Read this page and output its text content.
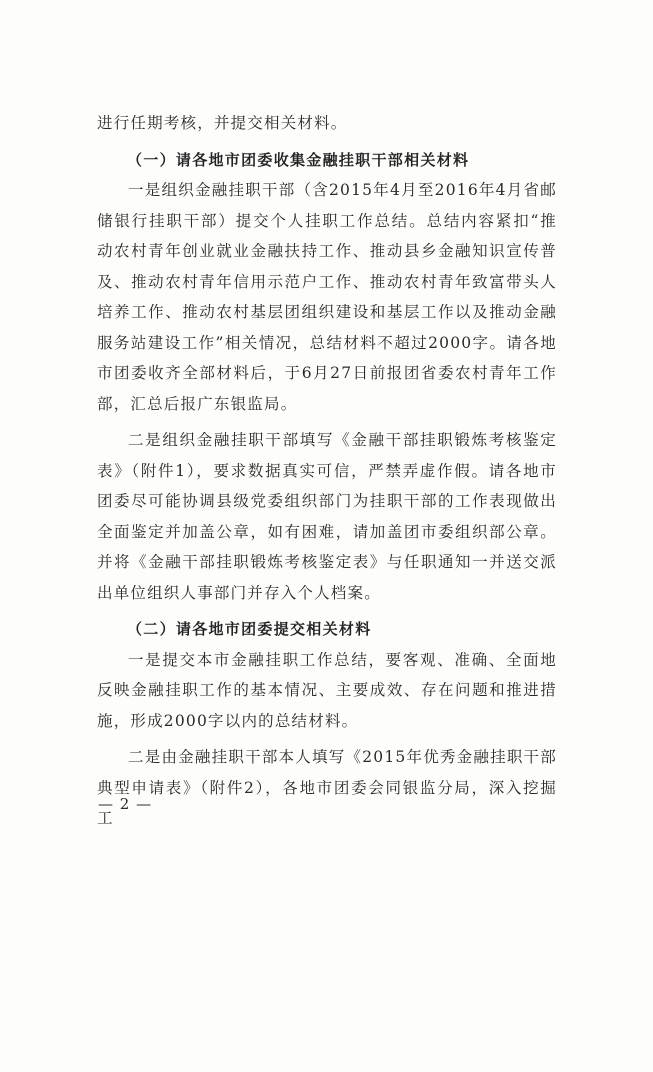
进行任期考核，并提交相关材料。

（一）请各地市团委收集金融挂职干部相关材料

一是组织金融挂职干部（含2015年4月至2016年4月省邮储银行挂职干部）提交个人挂职工作总结。总结内容紧扣“推动农村青年创业就业金融扶持工作、推动县乡金融知识宣传普及、推动农村青年信用示范户工作、推动农村青年致富带头人培养工作、推动农村基层团组织建设和基层工作以及推动金融服务站建设工作”相关情况，总结材料不超过2000字。请各地市团委收齐全部材料后，于6月27日前报团省委农村青年工作部，汇总后报广东银监局。

二是组织金融挂职干部填写《金融干部挂职锻炼考核鉴定表》（附件1），要求数据真实可信，严禁弄虚作假。请各地市团委尽可能协调县级党委组织部门为挂职干部的工作表现做出全面鉴定并加盖公章，如有困难，请加盖团市委组织部公章。并将《金融干部挂职锻炼考核鉴定表》与任职通知一并送交派出单位组织人事部门并存入个人档案。

（二）请各地市团委提交相关材料

一是提交本市金融挂职工作总结，要客观、准确、全面地反映金融挂职工作的基本情况、主要成效、存在问题和推进措施，形成2000字以内的总结材料。

二是由金融挂职干部本人填写《2015年优秀金融挂职干部典型申请表》（附件2），各地市团委会同银监分局，深入挖掘工

— 2 —
